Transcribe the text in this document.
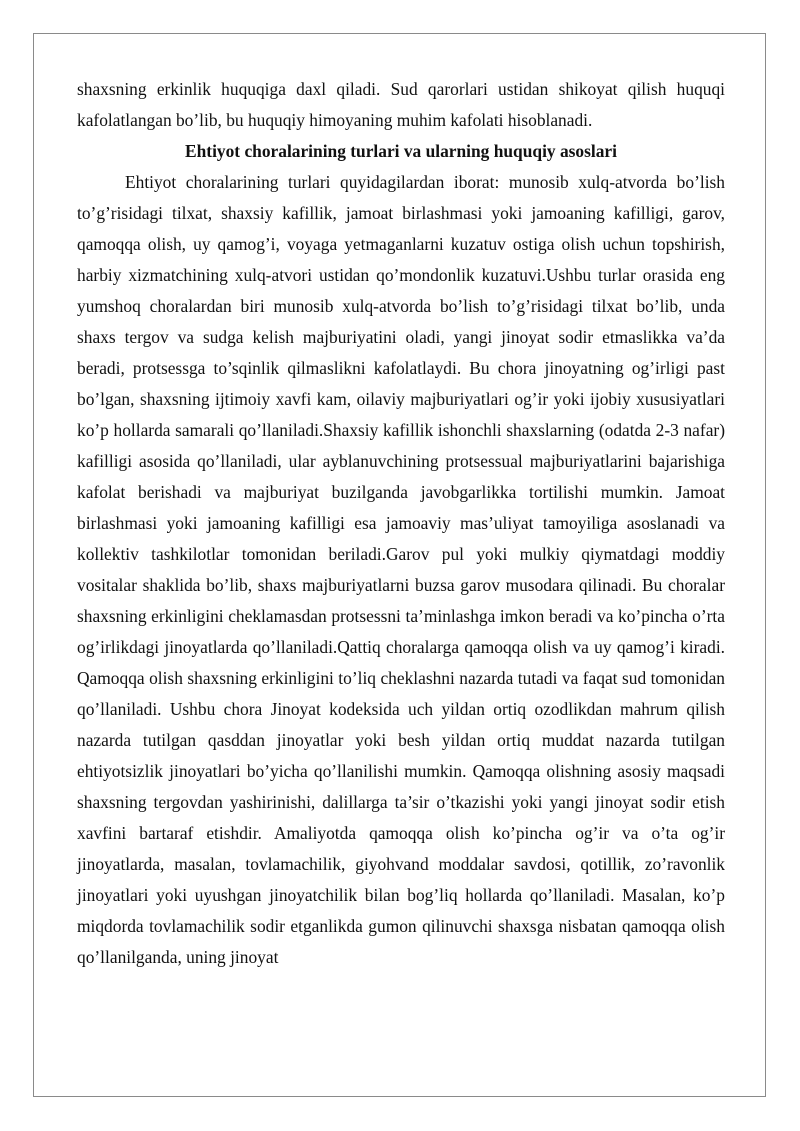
shaxsning erkinlik huquqiga daxl qiladi. Sud qarorlari ustidan shikoyat qilish huquqi kafolatlangan bo’lib, bu huquqiy himoyaning muhim kafolati hisoblanadi.

Ehtiyot choralarining turlari va ularning huquqiy asoslari

Ehtiyot choralarining turlari quyidagilardan iborat: munosib xulq-atvorda bo’lish to’g’risidagi tilxat, shaxsiy kafillik, jamoat birlashmasi yoki jamoaning kafilligi, garov, qamoqqa olish, uy qamog’i, voyaga yetmaganlarni kuzatuv ostiga olish uchun topshirish, harbiy xizmatchining xulq-atvori ustidan qo’mondonlik kuzatuvi.Ushbu turlar orasida eng yumshoq choralardan biri munosib xulq-atvorda bo’lish to’g’risidagi tilxat bo’lib, unda shaxs tergov va sudga kelish majburiyatini oladi, yangi jinoyat sodir etmaslikka va’da beradi, protsessga to’sqinlik qilmaslikni kafolatlaydi. Bu chora jinoyatning og’irligi past bo’lgan, shaxsning ijtimoiy xavfi kam, oilaviy majburiyatlari og’ir yoki ijobiy xususiyatlari ko’p hollarda samarali qo’llaniladi.Shaxsiy kafillik ishonchli shaxslarning (odatda 2-3 nafar) kafilligi asosida qo’llaniladi, ular ayblanuvchining protsessual majburiyatlarini bajarishiga kafolat berishadi va majburiyat buzilganda javobgarlikka tortilishi mumkin. Jamoat birlashmasi yoki jamoaning kafilligi esa jamoaviy mas’uliyat tamoyiliga asoslanadi va kollektiv tashkilotlar tomonidan beriladi.Garov pul yoki mulkiy qiymatdagi moddiy vositalar shaklida bo’lib, shaxs majburiyatlarni buzsa garov musodara qilinadi. Bu choralar shaxsning erkinligini cheklamasdan protsessni ta’minlashga imkon beradi va ko’pincha o’rta og’irlikdagi jinoyatlarda qo’llaniladi.Qattiq choralarga qamoqqa olish va uy qamog’i kiradi. Qamoqqa olish shaxsning erkinligini to’liq cheklashni nazarda tutadi va faqat sud tomonidan qo’llaniladi. Ushbu chora Jinoyat kodeksida uch yildan ortiq ozodlikdan mahrum qilish nazarda tutilgan qasddan jinoyatlar yoki besh yildan ortiq muddat nazarda tutilgan ehtiyotsizlik jinoyatlari bo’yicha qo’llanilishi mumkin. Qamoqqa olishning asosiy maqsadi shaxsning tergovdan yashirinishi, dalillarga ta’sir o’tkazishi yoki yangi jinoyat sodir etish xavfini bartaraf etishdir. Amaliyotda qamoqqa olish ko’pincha og’ir va o’ta og’ir jinoyatlarda, masalan, tovlamachilik, giyohvand moddalar savdosi, qotillik, zo’ravonlik jinoyatlari yoki uyushgan jinoyatchilik bilan bog’liq hollarda qo’llaniladi. Masalan, ko’p miqdorda tovlamachilik sodir etganlikda gumon qilinuvchi shaxsga nisbatan qamoqqa olish qo’llanilganda, uning jinoyat
